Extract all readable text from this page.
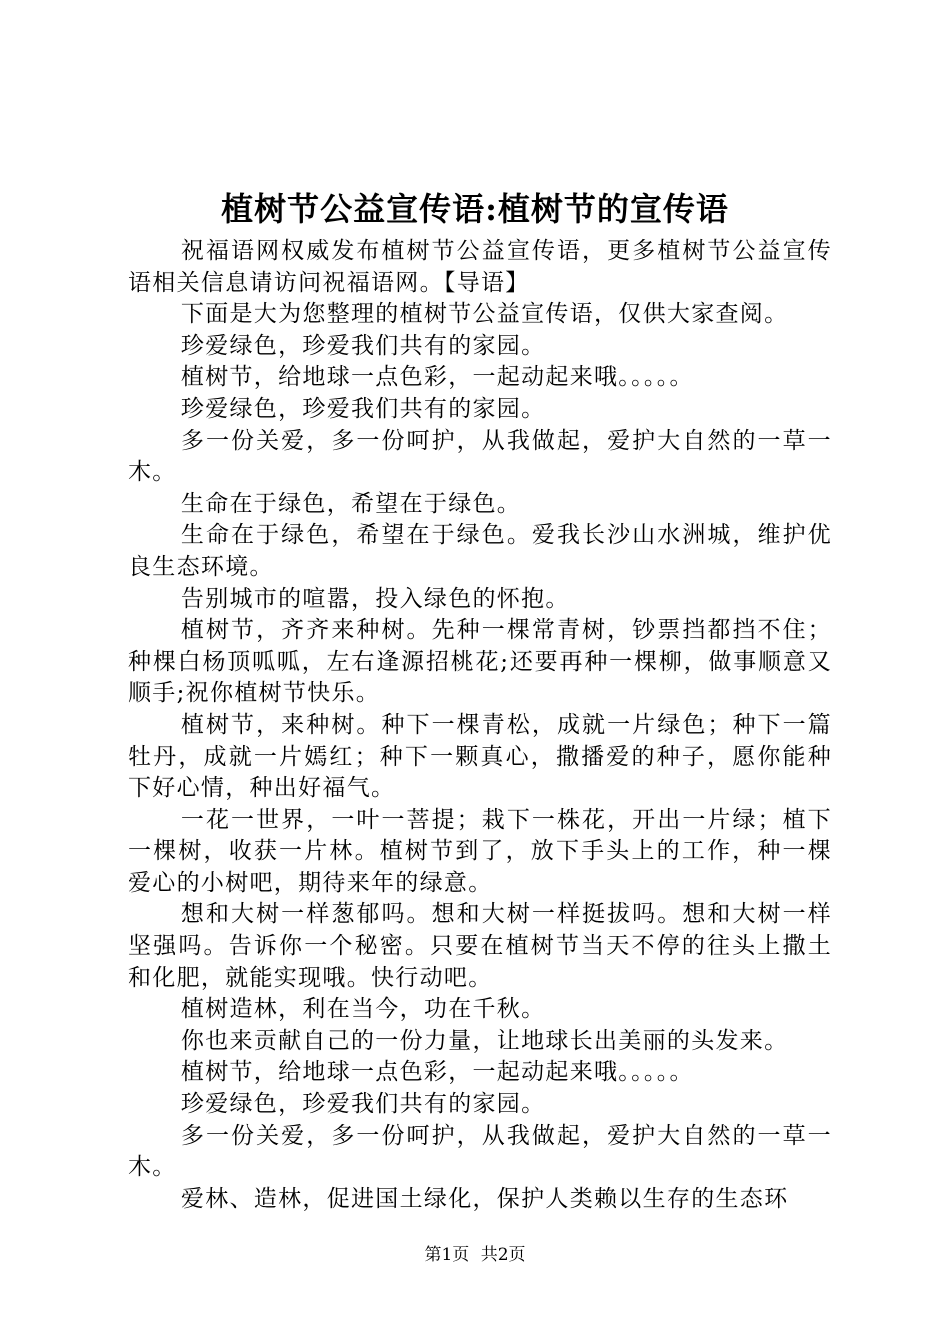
植树节公益宣传语:植树节的宣传语

祝福语网权威发布植树节公益宣传语，更多植树节公益宣传语相关信息请访问祝福语网。【导语】

下面是大为您整理的植树节公益宣传语，仅供大家查阅。

珍爱绿色，珍爱我们共有的家园。

植树节，给地球一点色彩，一起动起来哦。。。。。

珍爱绿色，珍爱我们共有的家园。

多一份关爱，多一份呵护，从我做起，爱护大自然的一草一木。

生命在于绿色，希望在于绿色。

生命在于绿色，希望在于绿色。爱我长沙山水洲城，维护优良生态环境。

告别城市的喧嚣，投入绿色的怀抱。

植树节，齐齐来种树。先种一棵常青树，钞票挡都挡不住；种棵白杨顶呱呱，左右逢源招桃花;还要再种一棵柳，做事顺意又顺手;祝你植树节快乐。

植树节，来种树。种下一棵青松，成就一片绿色；种下一篇牡丹，成就一片嫣红；种下一颗真心，撒播爱的种子，愿你能种下好心情，种出好福气。

一花一世界，一叶一菩提；栽下一株花，开出一片绿；植下一棵树，收获一片林。植树节到了，放下手头上的工作，种一棵爱心的小树吧，期待来年的绿意。

想和大树一样葱郁吗。想和大树一样挺拔吗。想和大树一样坚强吗。告诉你一个秘密。只要在植树节当天不停的往头上撒土和化肥，就能实现哦。快行动吧。

植树造林，利在当今，功在千秋。

你也来贡献自己的一份力量，让地球长出美丽的头发来。

植树节，给地球一点色彩，一起动起来哦。。。。。

珍爱绿色，珍爱我们共有的家园。

多一份关爱，多一份呵护，从我做起，爱护大自然的一草一木。

爱林、造林，促进国土绿化，保护人类赖以生存的生态环

第1页 共2页
